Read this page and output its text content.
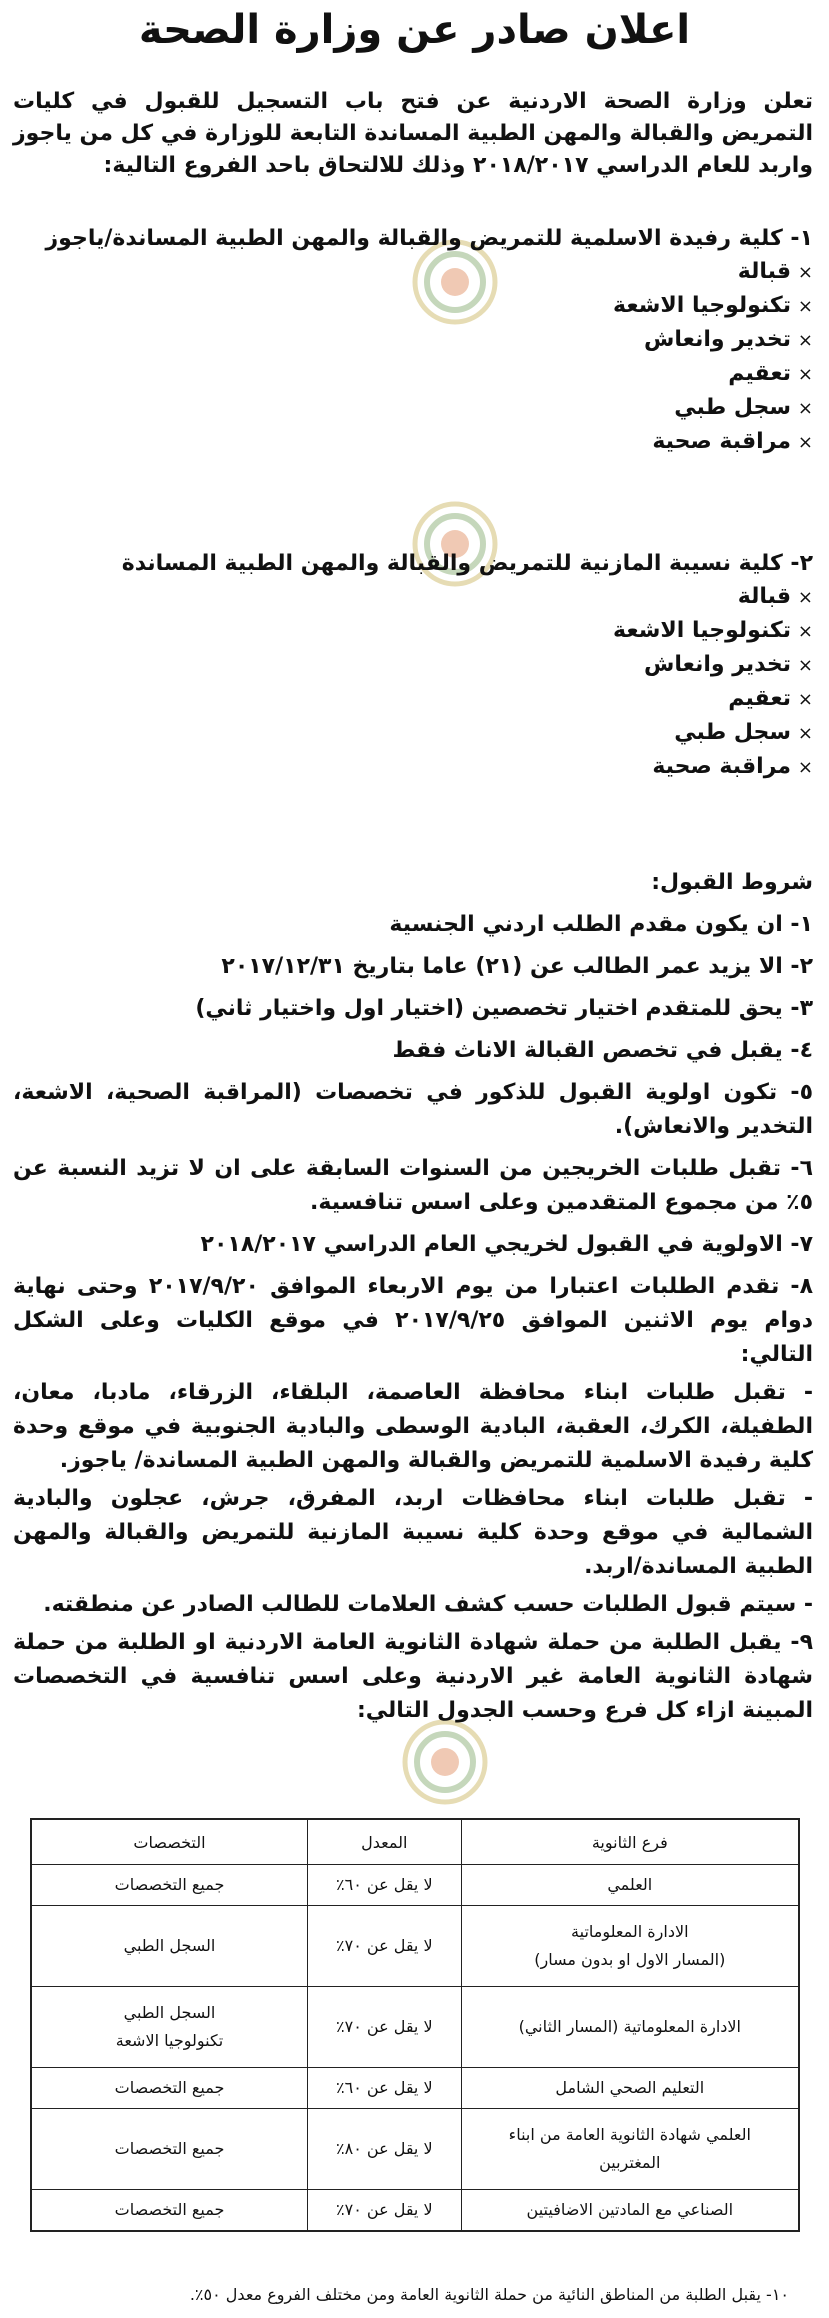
اعلان صادر عن وزارة الصحة

تعلن وزارة الصحة الاردنية عن فتح باب التسجيل للقبول في كليات التمريض والقبالة والمهن الطبية المساندة التابعة للوزارة في كل من ياجوز واربد للعام الدراسي ٢٠١٨/٢٠١٧ وذلك للالتحاق باحد الفروع التالية:

١- كلية رفيدة الاسلمية للتمريض والقبالة والمهن الطبية المساندة/ياجوز
×قبالة
×تكنولوجيا الاشعة
×تخدير وانعاش
×تعقيم
×سجل طبي
×مراقبة صحية
٢- كلية نسيبة المازنية للتمريض والقبالة والمهن الطبية المساندة
×قبالة
×تكنولوجيا الاشعة
×تخدير وانعاش
×تعقيم
×سجل طبي
×مراقبة صحية

شروط القبول:

١- ان يكون مقدم الطلب اردني الجنسية

٢- الا يزيد عمر الطالب عن (٢١) عاما بتاريخ ٢٠١٧/١٢/٣١

٣- يحق للمتقدم اختيار تخصصين (اختيار اول واختيار ثاني)

٤- يقبل في تخصص القبالة الاناث فقط

٥- تكون اولوية القبول للذكور في تخصصات (المراقبة الصحية، الاشعة، التخدير والانعاش).

٦- تقبل طلبات الخريجين من السنوات السابقة على ان لا تزيد النسبة عن ٥٪ من مجموع المتقدمين وعلى اسس تنافسية.

٧- الاولوية في القبول لخريجي العام الدراسي ٢٠١٨/٢٠١٧

٨- تقدم الطلبات اعتبارا من يوم الاربعاء الموافق ٢٠١٧/٩/٢٠ وحتى نهاية دوام يوم الاثنين الموافق ٢٠١٧/٩/٢٥ في موقع الكليات وعلى الشكل التالي:

- تقبل طلبات ابناء محافظة العاصمة، البلقاء، الزرقاء، مادبا، معان، الطفيلة، الكرك، العقبة، البادية الوسطى والبادية الجنوبية في موقع وحدة كلية رفيدة الاسلمية للتمريض والقبالة والمهن الطبية المساندة/ ياجوز.

- تقبل طلبات ابناء محافظات اربد، المفرق، جرش، عجلون والبادية الشمالية في موقع وحدة كلية نسيبة المازنية للتمريض والقبالة والمهن الطبية المساندة/اربد.

- سيتم قبول الطلبات حسب كشف العلامات للطالب الصادر عن منطقته.

٩- يقبل الطلبة من حملة شهادة الثانوية العامة الاردنية او الطلبة من حملة شهادة الثانوية العامة غير الاردنية وعلى اسس تنافسية في التخصصات المبينة ازاء كل فرع وحسب الجدول التالي:

فرع الثانوية	المعدل	التخصصات
العلمي	لا يقل عن ٦٠٪	جميع التخصصات
الادارة المعلوماتية
(المسار الاول او بدون مسار)	لا يقل عن ٧٠٪	السجل الطبي
الادارة المعلوماتية (المسار الثاني)	لا يقل عن ٧٠٪	السجل الطبي
تكنولوجيا الاشعة
التعليم الصحي الشامل	لا يقل عن ٦٠٪	جميع التخصصات
العلمي شهادة الثانوية العامة من ابناء
المغتربين	لا يقل عن ٨٠٪	جميع التخصصات
الصناعي مع المادتين الاضافيتين	لا يقل عن ٧٠٪	جميع التخصصات
١٠- يقبل الطلبة من المناطق النائية من حملة الثانوية العامة ومن مختلف الفروع معدل ٥٠٪.
